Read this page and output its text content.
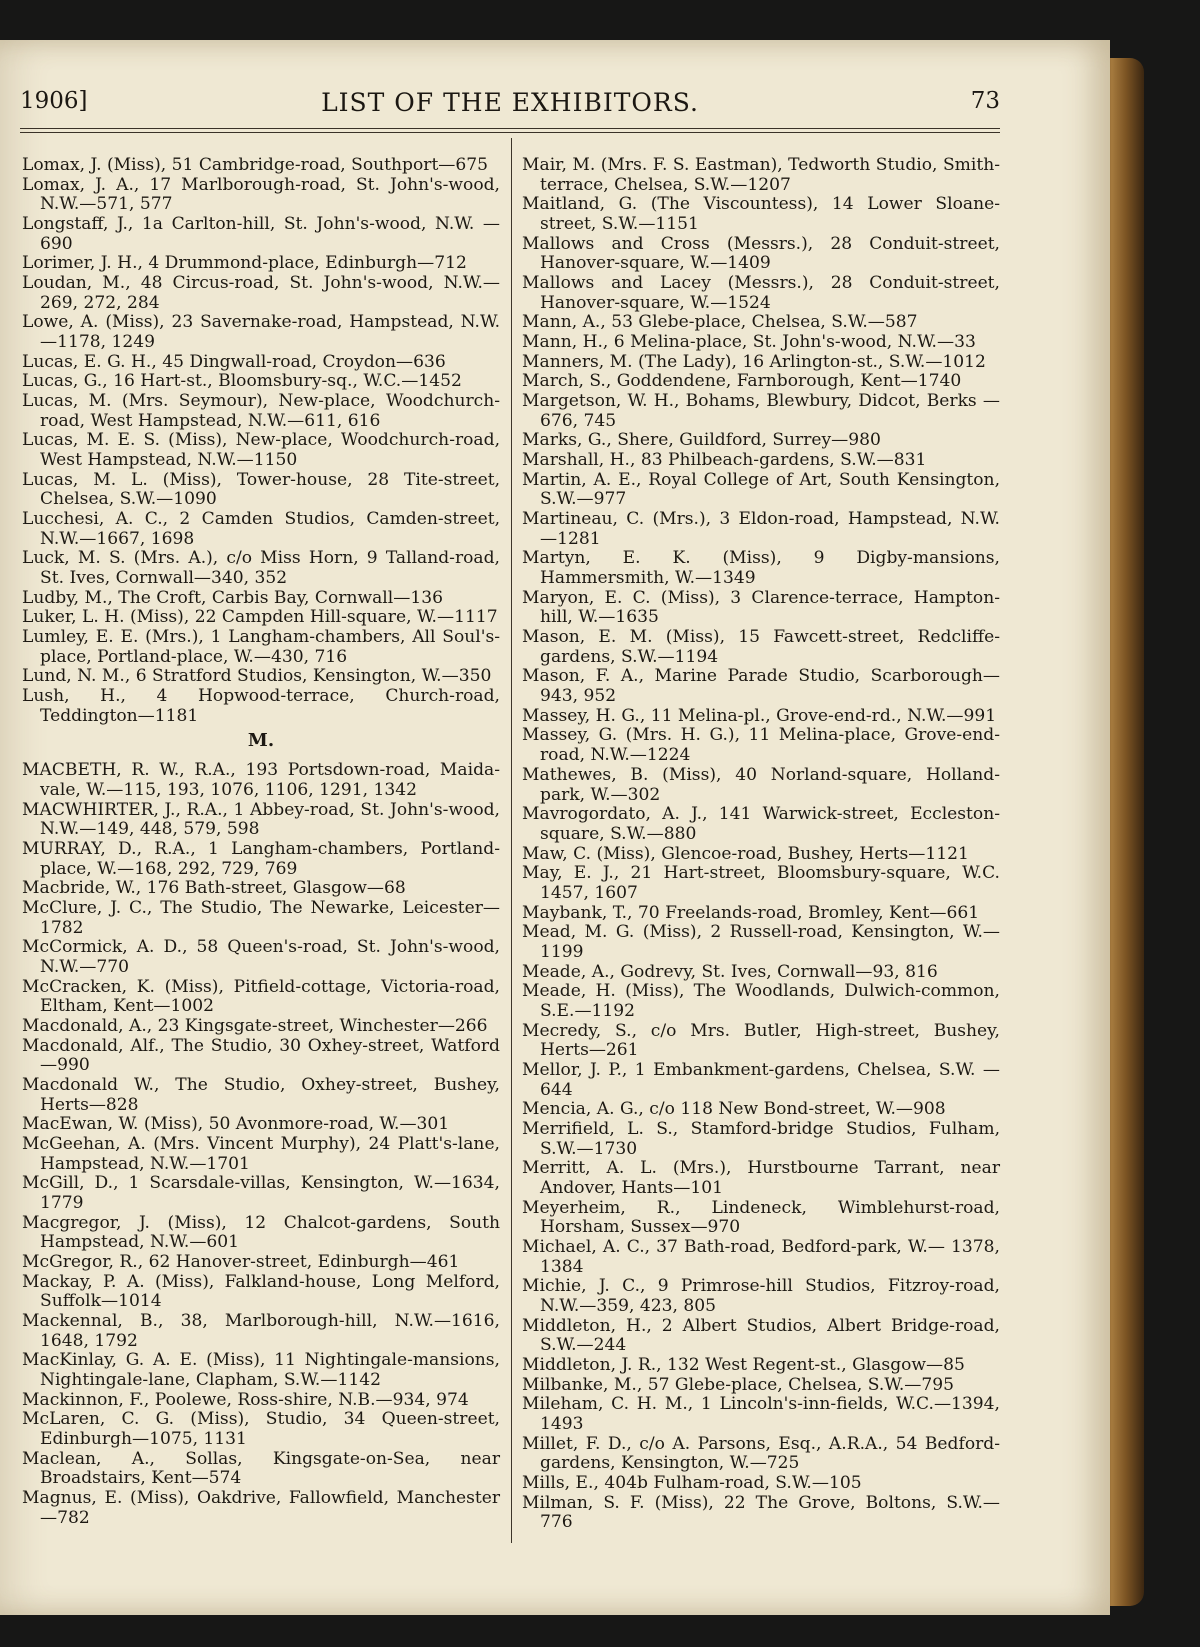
1906]	LIST OF THE EXHIBITORS.	73
Lomax, J. (Miss), 51 Cambridge-road, Southport—675
Lomax, J. A., 17 Marlborough-road, St. John's-wood, N.W.—571, 577
Longstaff, J., 1a Carlton-hill, St. John's-wood, N.W. —690
Lorimer, J. H., 4 Drummond-place, Edinburgh—712
Loudan, M., 48 Circus-road, St. John's-wood, N.W.— 269, 272, 284
Lowe, A. (Miss), 23 Savernake-road, Hampstead, N.W. —1178, 1249
Lucas, E. G. H., 45 Dingwall-road, Croydon—636
Lucas, G., 16 Hart-st., Bloomsbury-sq., W.C.—1452
Lucas, M. (Mrs. Seymour), New-place, Woodchurch-road, West Hampstead, N.W.—611, 616
Lucas, M. E. S. (Miss), New-place, Woodchurch-road, West Hampstead, N.W.—1150
Lucas, M. L. (Miss), Tower-house, 28 Tite-street, Chelsea, S.W.—1090
Lucchesi, A. C., 2 Camden Studios, Camden-street, N.W.—1667, 1698
Luck, M. S. (Mrs. A.), c/o Miss Horn, 9 Talland-road, St. Ives, Cornwall—340, 352
Ludby, M., The Croft, Carbis Bay, Cornwall—136
Luker, L. H. (Miss), 22 Campden Hill-square, W.—1117
Lumley, E. E. (Mrs.), 1 Langham-chambers, All Soul's-place, Portland-place, W.—430, 716
Lund, N. M., 6 Stratford Studios, Kensington, W.—350
Lush, H., 4 Hopwood-terrace, Church-road, Teddington—1181
M.
MACBETH, R. W., R.A., 193 Portsdown-road, Maida-vale, W.—115, 193, 1076, 1106, 1291, 1342
MACWHIRTER, J., R.A., 1 Abbey-road, St. John's-wood, N.W.—149, 448, 579, 598
MURRAY, D., R.A., 1 Langham-chambers, Portland-place, W.—168, 292, 729, 769
Macbride, W., 176 Bath-street, Glasgow—68
McClure, J. C., The Studio, The Newarke, Leicester— 1782
McCormick, A. D., 58 Queen's-road, St. John's-wood, N.W.—770
McCracken, K. (Miss), Pitfield-cottage, Victoria-road, Eltham, Kent—1002
Macdonald, A., 23 Kingsgate-street, Winchester—266
Macdonald, Alf., The Studio, 30 Oxhey-street, Watford —990
Macdonald W., The Studio, Oxhey-street, Bushey, Herts—828
MacEwan, W. (Miss), 50 Avonmore-road, W.—301
McGeehan, A. (Mrs. Vincent Murphy), 24 Platt's-lane, Hampstead, N.W.—1701
McGill, D., 1 Scarsdale-villas, Kensington, W.—1634, 1779
Macgregor, J. (Miss), 12 Chalcot-gardens, South Hampstead, N.W.—601
McGregor, R., 62 Hanover-street, Edinburgh—461
Mackay, P. A. (Miss), Falkland-house, Long Melford, Suffolk—1014
Mackennal, B., 38, Marlborough-hill, N.W.—1616, 1648, 1792
MacKinlay, G. A. E. (Miss), 11 Nightingale-mansions, Nightingale-lane, Clapham, S.W.—1142
Mackinnon, F., Poolewe, Ross-shire, N.B.—934, 974
McLaren, C. G. (Miss), Studio, 34 Queen-street, Edinburgh—1075, 1131
Maclean, A., Sollas, Kingsgate-on-Sea, near Broadstairs, Kent—574
Magnus, E. (Miss), Oakdrive, Fallowfield, Manchester —782
Mair, M. (Mrs. F. S. Eastman), Tedworth Studio, Smith-terrace, Chelsea, S.W.—1207
Maitland, G. (The Viscountess), 14 Lower Sloane-street, S.W.—1151
Mallows and Cross (Messrs.), 28 Conduit-street, Hanover-square, W.—1409
Mallows and Lacey (Messrs.), 28 Conduit-street, Hanover-square, W.—1524
Mann, A., 53 Glebe-place, Chelsea, S.W.—587
Mann, H., 6 Melina-place, St. John's-wood, N.W.—33
Manners, M. (The Lady), 16 Arlington-st., S.W.—1012
March, S., Goddendene, Farnborough, Kent—1740
Margetson, W. H., Bohams, Blewbury, Didcot, Berks —676, 745
Marks, G., Shere, Guildford, Surrey—980
Marshall, H., 83 Philbeach-gardens, S.W.—831
Martin, A. E., Royal College of Art, South Kensington, S.W.—977
Martineau, C. (Mrs.), 3 Eldon-road, Hampstead, N.W. —1281
Martyn, E. K. (Miss), 9 Digby-mansions, Hammersmith, W.—1349
Maryon, E. C. (Miss), 3 Clarence-terrace, Hampton-hill, W.—1635
Mason, E. M. (Miss), 15 Fawcett-street, Redcliffe-gardens, S.W.—1194
Mason, F. A., Marine Parade Studio, Scarborough— 943, 952
Massey, H. G., 11 Melina-pl., Grove-end-rd., N.W.—991
Massey, G. (Mrs. H. G.), 11 Melina-place, Grove-end-road, N.W.—1224
Mathewes, B. (Miss), 40 Norland-square, Holland-park, W.—302
Mavrogordato, A. J., 141 Warwick-street, Eccleston-square, S.W.—880
Maw, C. (Miss), Glencoe-road, Bushey, Herts—1121
May, E. J., 21 Hart-street, Bloomsbury-square, W.C. 1457, 1607
Maybank, T., 70 Freelands-road, Bromley, Kent—661
Mead, M. G. (Miss), 2 Russell-road, Kensington, W.— 1199
Meade, A., Godrevy, St. Ives, Cornwall—93, 816
Meade, H. (Miss), The Woodlands, Dulwich-common, S.E.—1192
Mecredy, S., c/o Mrs. Butler, High-street, Bushey, Herts—261
Mellor, J. P., 1 Embankment-gardens, Chelsea, S.W. —644
Mencia, A. G., c/o 118 New Bond-street, W.—908
Merrifield, L. S., Stamford-bridge Studios, Fulham, S.W.—1730
Merritt, A. L. (Mrs.), Hurstbourne Tarrant, near Andover, Hants—101
Meyerheim, R., Lindeneck, Wimblehurst-road, Horsham, Sussex—970
Michael, A. C., 37 Bath-road, Bedford-park, W.— 1378, 1384
Michie, J. C., 9 Primrose-hill Studios, Fitzroy-road, N.W.—359, 423, 805
Middleton, H., 2 Albert Studios, Albert Bridge-road, S.W.—244
Middleton, J. R., 132 West Regent-st., Glasgow—85
Milbanke, M., 57 Glebe-place, Chelsea, S.W.—795
Mileham, C. H. M., 1 Lincoln's-inn-fields, W.C.—1394, 1493
Millet, F. D., c/o A. Parsons, Esq., A.R.A., 54 Bedford-gardens, Kensington, W.—725
Mills, E., 404b Fulham-road, S.W.—105
Milman, S. F. (Miss), 22 The Grove, Boltons, S.W.— 776
